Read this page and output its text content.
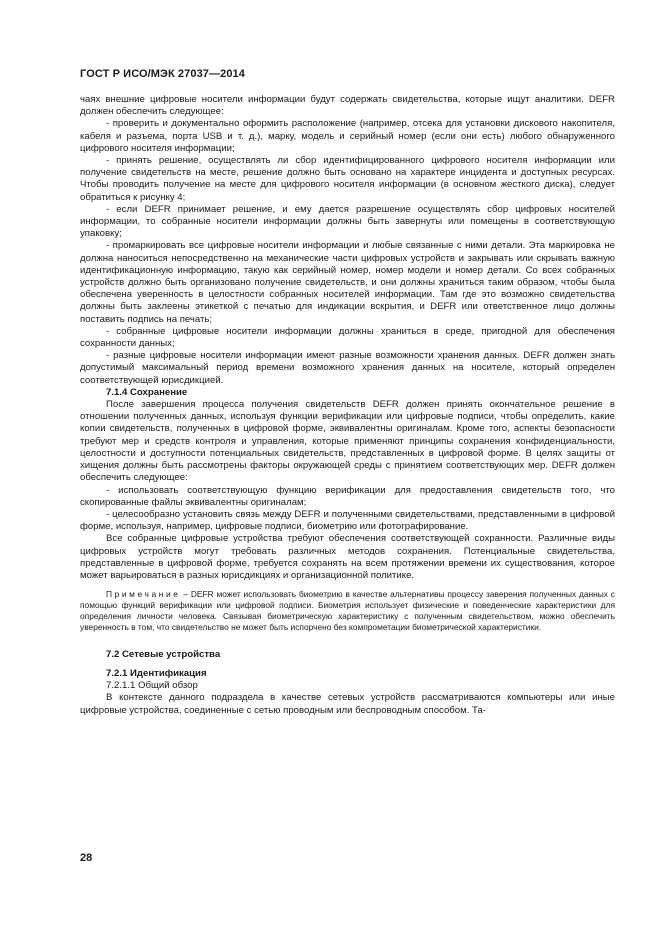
ГОСТ Р ИСО/МЭК 27037—2014

чаях внешние цифровые носители информации будут содержать свидетельства, которые ищут аналитики. DEFR должен обеспечить следующее:

- проверить и документально оформить расположение (например, отсека для установки дискового накопителя, кабеля и разъема, порта USB и т. д.), марку, модель и серийный номер (если они есть) любого обнаруженного цифрового носителя информации;

- принять решение, осуществлять ли сбор идентифицированного цифрового носителя информации или получение свидетельств на месте, решение должно быть основано на характере инцидента и доступных ресурсах. Чтобы проводить получение на месте для цифрового носителя информации (в основном жесткого диска), следует обратиться к рисунку 4;

- если DEFR принимает решение, и ему дается разрешение осуществлять сбор цифровых носителей информации, то собранные носители информации должны быть завернуты или помещены в соответствующую упаковку;

- промаркировать все цифровые носители информации и любые связанные с ними детали. Эта маркировка не должна наноситься непосредственно на механические части цифровых устройств и закрывать или скрывать важную идентификационную информацию, такую как серийный номер, номер модели и номер детали. Со всех собранных устройств должно быть организовано получение свидетельств, и они должны храниться таким образом, чтобы была обеспечена уверенность в целостности собранных носителей информации. Там где это возможно свидетельства должны быть заклеены этикеткой с печатью для индикации вскрытия, и DEFR или ответственное лицо должны поставить подпись на печать;

- собранные цифровые носители информации должны храниться в среде, пригодной для обеспечения сохранности данных;

- разные цифровые носители информации имеют разные возможности хранения данных. DEFR должен знать допустимый максимальный период времени возможного хранения данных на носителе, который определен соответствующей юрисдикцией.

7.1.4 Сохранение

После завершения процесса получения свидетельств DEFR должен принять окончательное решение в отношении полученных данных, используя функции верификации или цифровые подписи, чтобы определить, какие копии свидетельств, полученных в цифровой форме, эквивалентны оригиналам. Кроме того, аспекты безопасности требуют мер и средств контроля и управления, которые применяют принципы сохранения конфиденциальности, целостности и доступности потенциальных свидетельств, представленных в цифровой форме. В целях защиты от хищения должны быть рассмотрены факторы окружающей среды с принятием соответствующих мер. DEFR должен обеспечить следующее:

- использовать соответствующую функцию верификации для предоставления свидетельств того, что скопированные файлы эквивалентны оригиналам;

- целесообразно установить связь между DEFR и полученными свидетельствами, представленными в цифровой форме, используя, например, цифровые подписи, биометрию или фотографирование.

Все собранные цифровые устройства требуют обеспечения соответствующей сохранности. Различные виды цифровых устройств могут требовать различных методов сохранения. Потенциальные свидетельства, представленные в цифровой форме, требуется сохранять на всем протяжении времени их существования, которое может варьироваться в разных юрисдикциях и организационной политике.

Примечание – DEFR может использовать биометрию в качестве альтернативы процессу заверения полученных данных с помощью функций верификации или цифровой подписи. Биометрия использует физические и поведенческие характеристики для определения личности человека. Связывая биометрическую характеристику с полученным свидетельством, можно обеспечить уверенность в том, что свидетельство не может быть испорчено без компрометации биометрической характеристики.

7.2 Сетевые устройства

7.2.1 Идентификация

7.2.1.1 Общий обзор

В контексте данного подраздела в качестве сетевых устройств рассматриваются компьютеры или иные цифровые устройства, соединенные с сетью проводным или беспроводным способом. Та-

28
